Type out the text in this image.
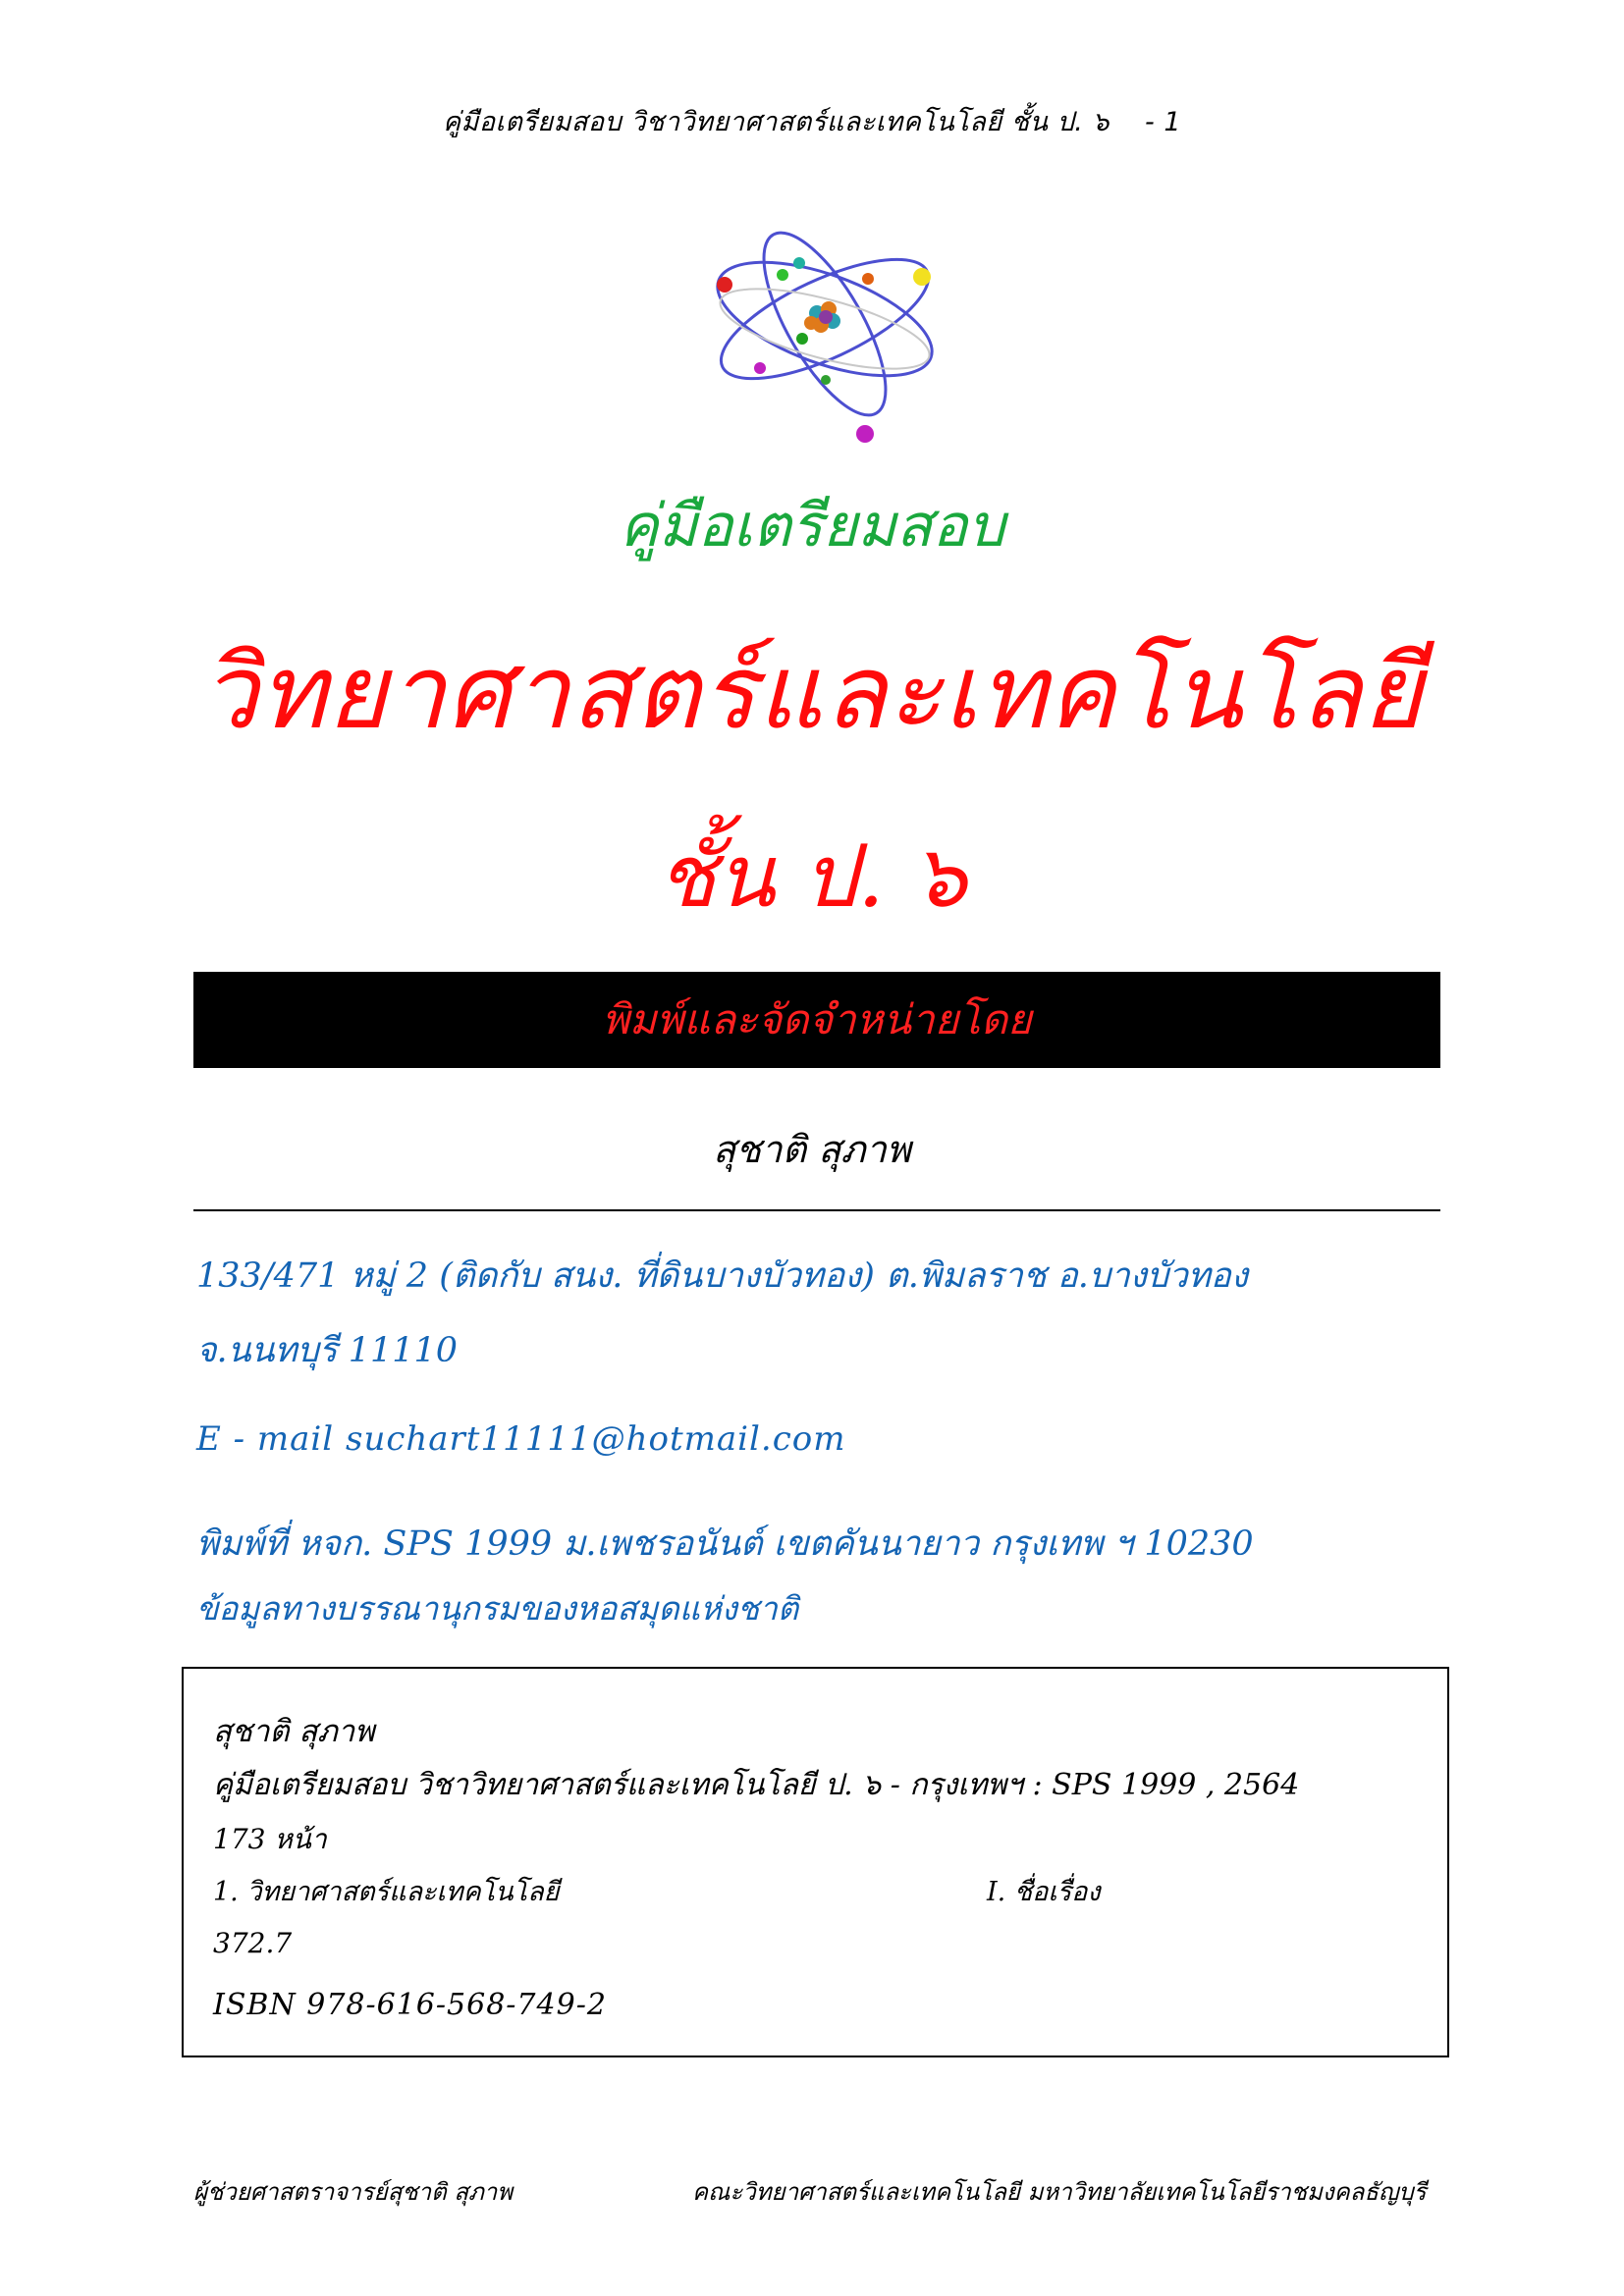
คู่มือเตรียมสอบ วิชาวิทยาศาสตร์และเทคโนโลยี ชั้น ป. ๖ - 1
คู่มือเตรียมสอบ
วิทยาศาสตร์และเทคโนโลยี
ชั้น ป. ๖
พิมพ์และจัดจำหน่ายโดย
สุชาติ สุภาพ
133/471 หมู่ 2 (ติดกับ สนง. ที่ดินบางบัวทอง) ต.พิมลราช อ.บางบัวทอง
จ.นนทบุรี 11110
E - mail suchart11111@hotmail.com
พิมพ์ที่ หจก. SPS 1999 ม.เพชรอนันต์ เขตคันนายาว กรุงเทพ ฯ 10230
ข้อมูลทางบรรณานุกรมของหอสมุดแห่งชาติ
สุชาติ สุภาพ
คู่มือเตรียมสอบ วิชาวิทยาศาสตร์และเทคโนโลยี ป. ๖ - กรุงเทพฯ : SPS 1999 , 2564
173 หน้า
1. วิทยาศาสตร์และเทคโนโลยี	I. ชื่อเรื่อง
372.7
ISBN 978-616-568-749-2
ผู้ช่วยศาสตราจารย์สุชาติ สุภาพ	คณะวิทยาศาสตร์และเทคโนโลยี มหาวิทยาลัยเทคโนโลยีราชมงคลธัญบุรี
